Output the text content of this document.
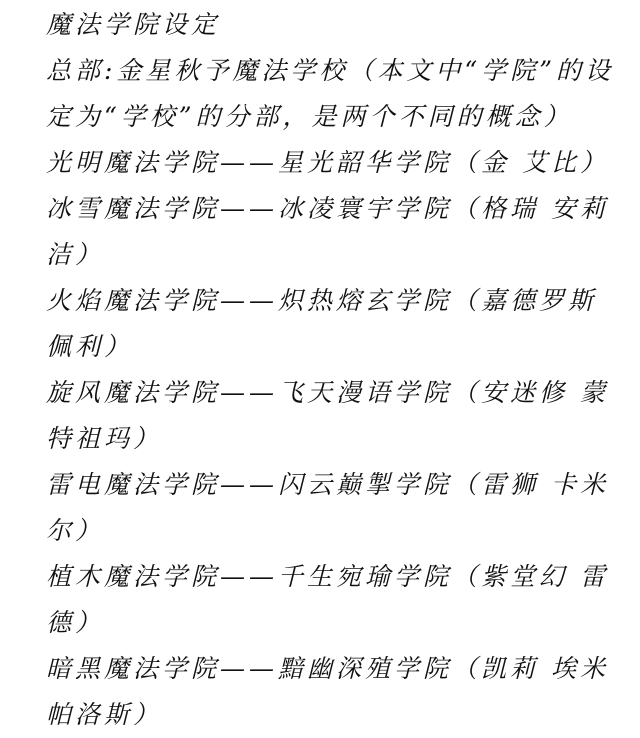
魔法学院设定
总部:金星秋予魔法学校（本文中“学院”的设
定为“学校”的分部，是两个不同的概念）
光明魔法学院——星光韶华学院（金 艾比）
冰雪魔法学院——冰凌寰宇学院（格瑞 安莉
洁）
火焰魔法学院——炽热熔玄学院（嘉德罗斯
佩利）
旋风魔法学院——飞天漫语学院（安迷修 蒙
特祖玛）
雷电魔法学院——闪云巅掣学院（雷狮 卡米
尔）
植木魔法学院——千生宛瑜学院（紫堂幻 雷
德）
暗黑魔法学院——黯幽深殖学院（凯莉 埃米
帕洛斯）
